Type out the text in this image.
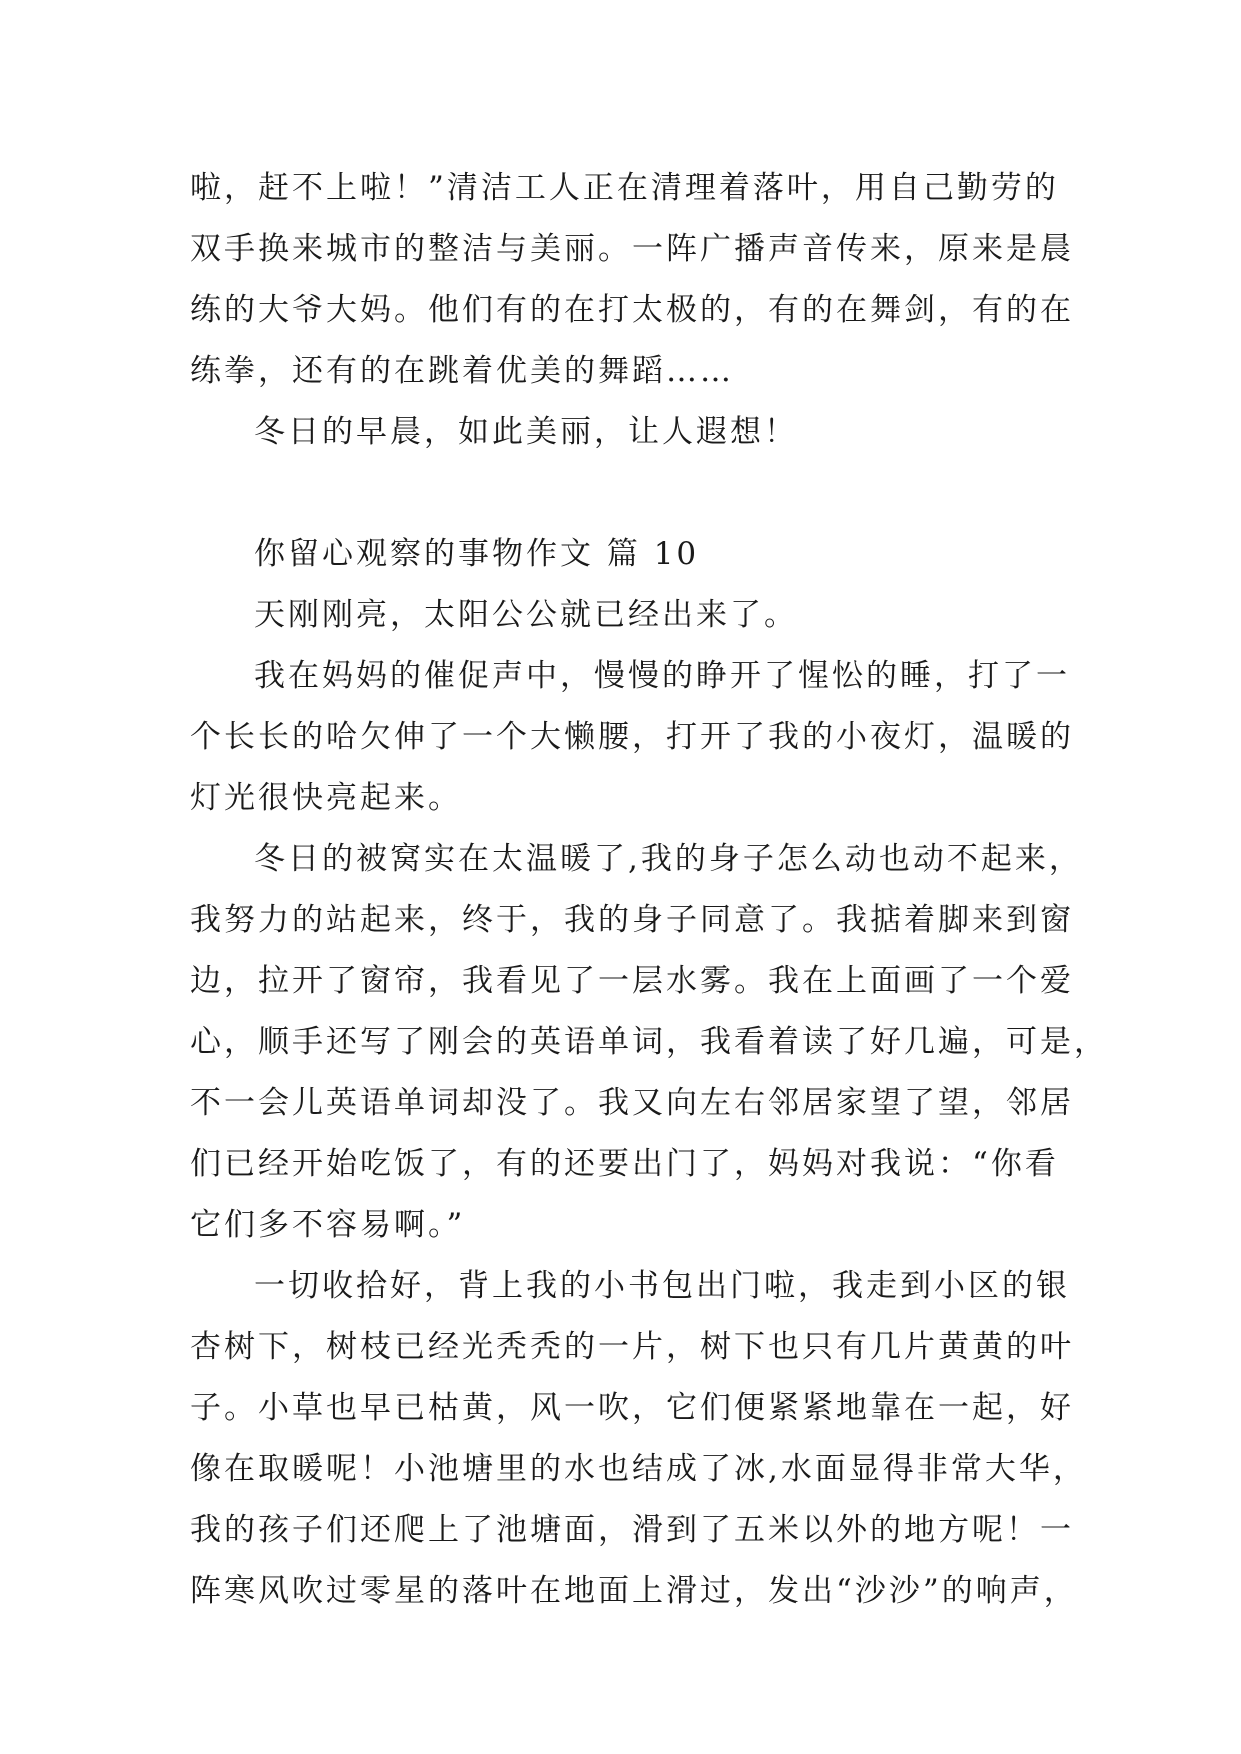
啦，赶不上啦！”清洁工人正在清理着落叶，用自己勤劳的
双手换来城市的整洁与美丽。一阵广播声音传来，原来是晨
练的大爷大妈。他们有的在打太极的，有的在舞剑，有的在
练拳，还有的在跳着优美的舞蹈……
冬日的早晨，如此美丽，让人遐想！
你留心观察的事物作文 篇 10
天刚刚亮，太阳公公就已经出来了。
我在妈妈的催促声中，慢慢的睁开了惺忪的睡，打了一
个长长的哈欠伸了一个大懒腰，打开了我的小夜灯，温暖的
灯光很快亮起来。
冬日的被窝实在太温暖了,我的身子怎么动也动不起来，
我努力的站起来，终于，我的身子同意了。我掂着脚来到窗
边，拉开了窗帘，我看见了一层水雾。我在上面画了一个爱
心，顺手还写了刚会的英语单词，我看着读了好几遍，可是，
不一会儿英语单词却没了。我又向左右邻居家望了望，邻居
们已经开始吃饭了，有的还要出门了，妈妈对我说：“你看
它们多不容易啊。”
一切收拾好，背上我的小书包出门啦，我走到小区的银
杏树下，树枝已经光秃秃的一片，树下也只有几片黄黄的叶
子。小草也早已枯黄，风一吹，它们便紧紧地靠在一起，好
像在取暖呢！小池塘里的水也结成了冰,水面显得非常大华，
我的孩子们还爬上了池塘面，滑到了五米以外的地方呢！一
阵寒风吹过零星的落叶在地面上滑过，发出“沙沙”的响声，
